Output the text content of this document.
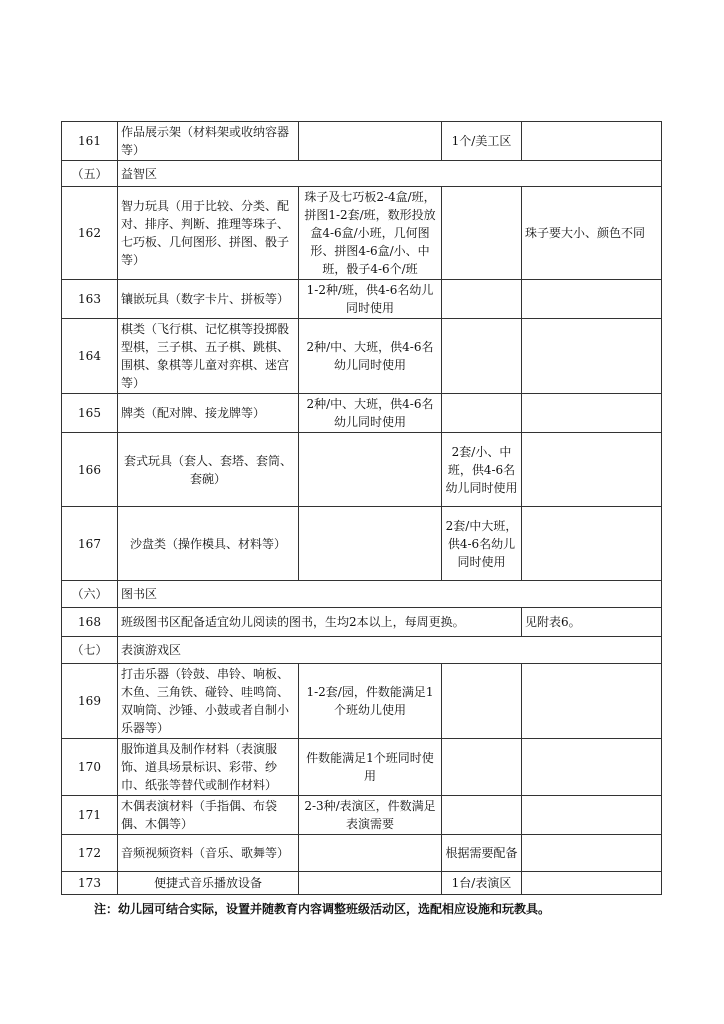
161	作品展示架（材料架或收纳容器等）		1个/美工区	
（五）	益智区			
162	智力玩具（用于比较、分类、配对、排序、判断、推理等珠子、七巧板、几何图形、拼图、骰子等）	珠子及七巧板2-4盒/班，拼图1-2套/班，数形投放盒4-6盒/小班，几何图形、拼图4-6盒/小、中班，骰子4-6个/班		珠子要大小、颜色不同
163	镶嵌玩具（数字卡片、拼板等）	1-2种/班，供4-6名幼儿同时使用		
164	棋类（飞行棋、记忆棋等投掷骰型棋，三子棋、五子棋、跳棋、围棋、象棋等儿童对弈棋、迷宫等）	2种/中、大班，供4-6名幼儿同时使用		
165	牌类（配对牌、接龙牌等）	2种/中、大班，供4-6名幼儿同时使用		
166	套式玩具（套人、套塔、套筒、套碗）		2套/小、中班，供4-6名幼儿同时使用	
167	沙盘类（操作模具、材料等）		2套/中大班，供4-6名幼儿同时使用	
（六）	图书区			
168	班级图书区配备适宜幼儿阅读的图书，生均2本以上，每周更换。			见附表6。
（七）	表演游戏区			
169	打击乐器（铃鼓、串铃、响板、木鱼、三角铁、碰铃、哇鸣筒、双响筒、沙锤、小鼓或者自制小乐器等）	1-2套/园，件数能满足1个班幼儿使用		
170	服饰道具及制作材料（表演服饰、道具场景标识、彩带、纱巾、纸张等替代或制作材料）	件数能满足1个班同时使用		
171	木偶表演材料（手指偶、布袋偶、木偶等）	2-3种/表演区，件数满足表演需要		
172	音频视频资料（音乐、歌舞等）		根据需要配备	
173	便捷式音乐播放设备		1台/表演区	
注：幼儿园可结合实际，设置并随教育内容调整班级活动区，选配相应设施和玩教具。
